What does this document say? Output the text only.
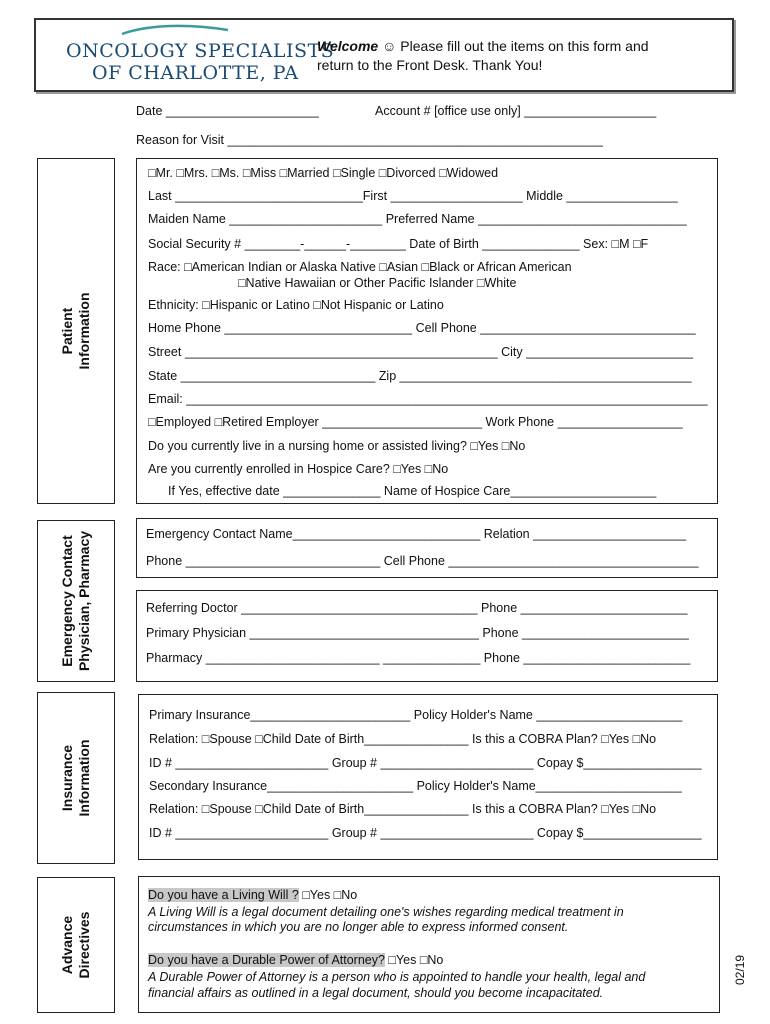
ONCOLOGY SPECIALISTS
OF CHARLOTTE, PA
Welcome ☺ Please fill out the items on this form and
return to the Front Desk. Thank You!
Date ______________________	Account # [office use only] ___________________
Reason for Visit ______________________________________________________
Patient
Information
□Mr. □Mrs. □Ms. □Miss □Married □Single □Divorced □Widowed
Last ___________________________First ___________________ Middle ________________
Maiden Name ______________________ Preferred Name ______________________________
Social Security # ________-______-________ Date of Birth ______________ Sex: □M □F
Race: □American Indian or Alaska Native □Asian □Black or African American
□Native Hawaiian or Other Pacific Islander □White
Ethnicity: □Hispanic or Latino □Not Hispanic or Latino
Home Phone ___________________________ Cell Phone _______________________________
Street _____________________________________________ City ________________________
State ____________________________ Zip __________________________________________
Email: ___________________________________________________________________________
□Employed □Retired Employer _______________________ Work Phone __________________
Do you currently live in a nursing home or assisted living? □Yes □No
Are you currently enrolled in Hospice Care? □Yes □No
If Yes, effective date ______________ Name of Hospice Care_____________________
Emergency Contact
Physician, Pharmacy	Emergency Contact Name___________________________ Relation ______________________
Phone ____________________________ Cell Phone ____________________________________
Referring Doctor __________________________________ Phone ________________________
Primary Physician _________________________________ Phone ________________________
Pharmacy _________________________ ______________ Phone ________________________
Insurance
Information
Primary Insurance_______________________ Policy Holder's Name _____________________
Relation: □Spouse □Child Date of Birth_______________ Is this a COBRA Plan? □Yes □No
ID # ______________________ Group # ______________________ Copay $_________________
Secondary Insurance_____________________ Policy Holder's Name_____________________
Relation: □Spouse □Child Date of Birth_______________ Is this a COBRA Plan? □Yes □No
ID # ______________________ Group # ______________________ Copay $_________________
Advance
Directives
Do you have a Living Will ? □Yes □No
A Living Will is a legal document detailing one's wishes regarding medical treatment in
circumstances in which you are no longer able to express informed consent.
Do you have a Durable Power of Attorney? □Yes □No
A Durable Power of Attorney is a person who is appointed to handle your health, legal and
financial affairs as outlined in a legal document, should you become incapacitated.
02/19
